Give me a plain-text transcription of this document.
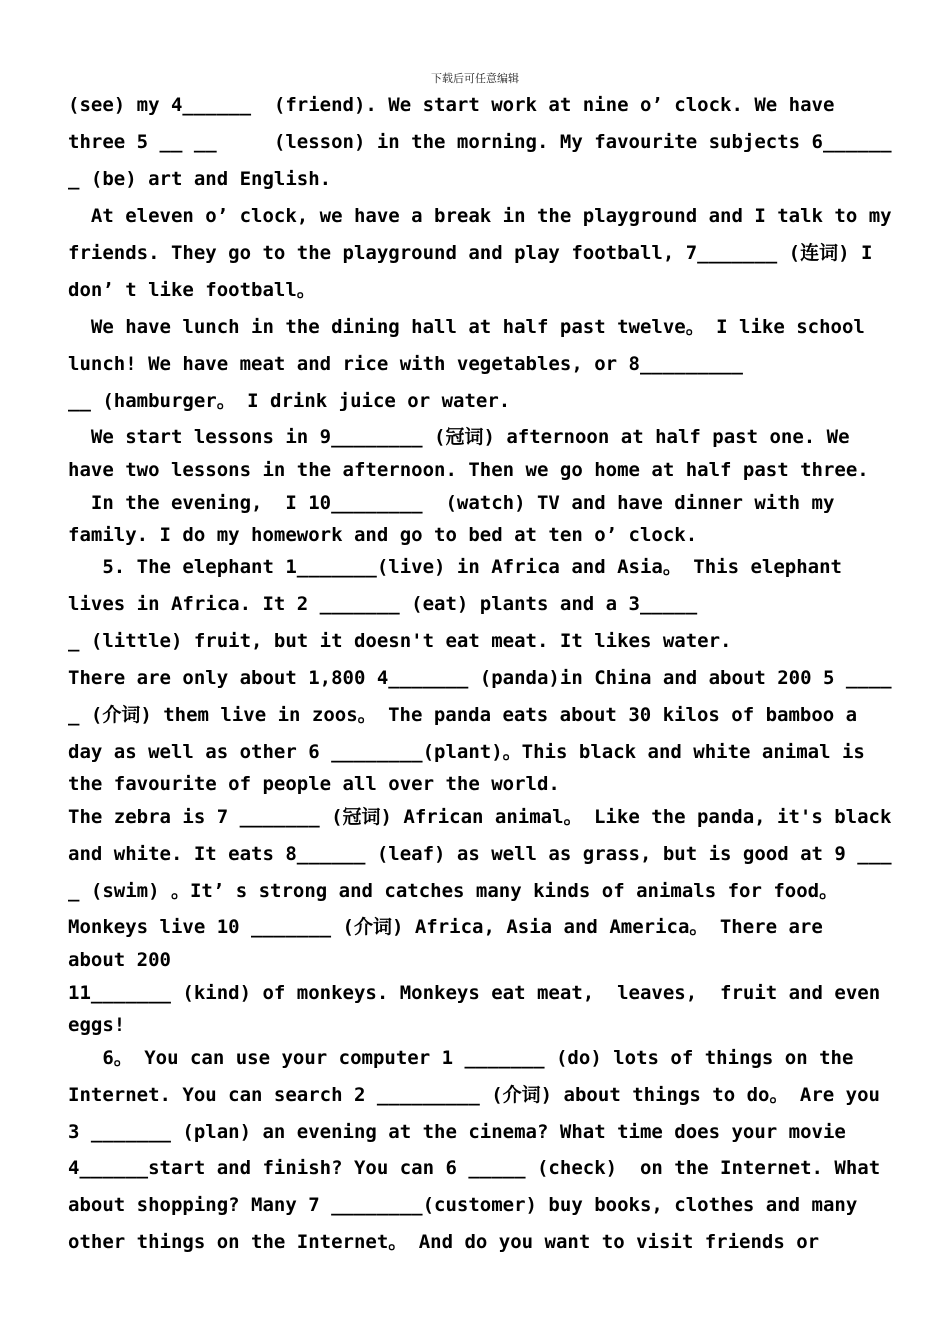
下载后可任意编辑
(see) my 4______  (friend). We start work at nine o’ clock. We have
three 5 __ __     (lesson) in the morning. My favourite subjects 6______
_ (be) art and English.
At eleven o’ clock, we have a break in the playground and I talk to my
friends. They go to the playground and play football, 7_______ (连词) I
don’ t like football。
We have lunch in the dining hall at half past twelve。 I like school
lunch! We have meat and rice with vegetables, or 8_________
__ (hamburger。 I drink juice or water.
We start lessons in 9________ (冠词) afternoon at half past one. We
have two lessons in the afternoon. Then we go home at half past three.
In the evening,  I 10________  (watch) TV and have dinner with my
family. I do my homework and go to bed at ten o’ clock.
5. The elephant 1_______(live) in Africa and Asia。 This elephant
lives in Africa. It 2 _______ (eat) plants and a 3_____
_ (little) fruit, but it doesn't eat meat. It likes water.
There are only about 1,800 4_______ (panda)in China and about 200 5 ____
_ (介词) them live in zoos。 The panda eats about 30 kilos of bamboo a
day as well as other 6 ________(plant)。This black and white animal is
the favourite of people all over the world.
The zebra is 7 _______ (冠词) African animal。 Like the panda, it's black
and white. It eats 8______ (leaf) as well as grass, but is good at 9 ___
_ (swim) 。It’ s strong and catches many kinds of animals for food。
Monkeys live 10 _______ (介词) Africa, Asia and America。 There are
about 200
11_______ (kind) of monkeys. Monkeys eat meat,  leaves,  fruit and even
eggs!
6。 You can use your computer 1 _______ (do) lots of things on the
Internet. You can search 2 _________ (介词) about things to do。 Are you
3 _______ (plan) an evening at the cinema? What time does your movie
4______start and finish? You can 6 _____ (check)  on the Internet. What
about shopping? Many 7 ________(customer) buy books, clothes and many
other things on the Internet。 And do you want to visit friends or
